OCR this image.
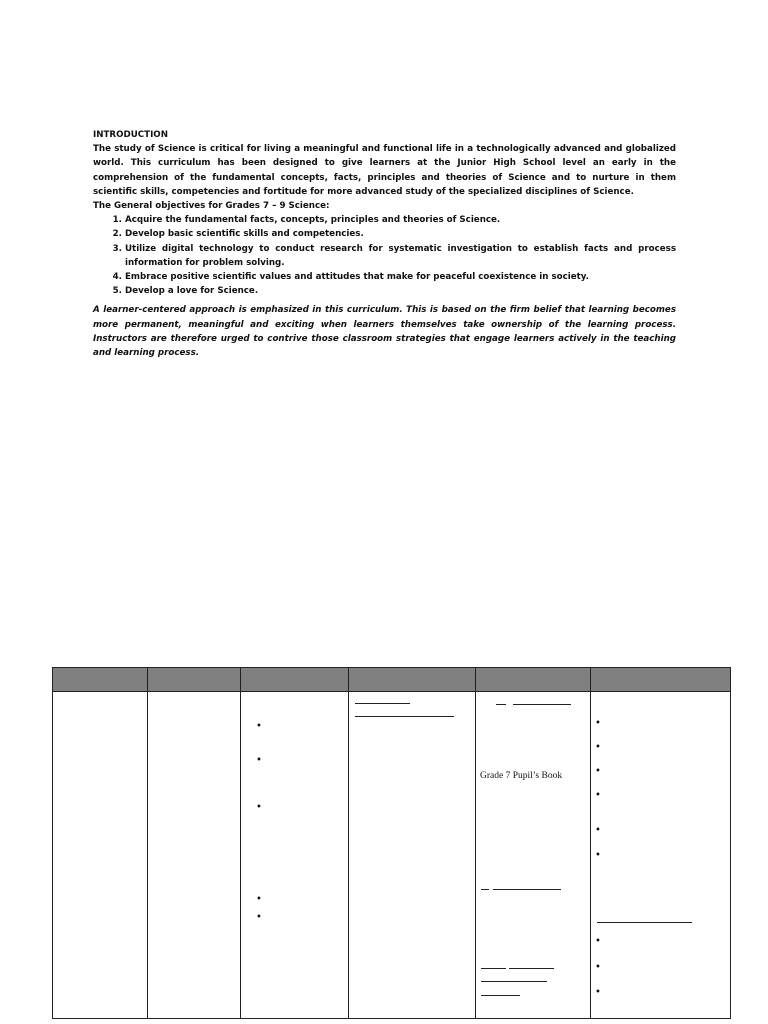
INTRODUCTION

The study of Science is critical for living a meaningful and functional life in a technologically advanced and globalized world. This curriculum has been designed to give learners at the Junior High School level an early in the comprehension of the fundamental concepts, facts, principles and theories of Science and to nurture in them scientific skills, competencies and fortitude for more advanced study of the specialized disciplines of Science.

The General objectives for Grades 7 – 9 Science:

1. Acquire the fundamental facts, concepts, principles and theories of Science.
2. Develop basic scientific skills and competencies.
3. Utilize digital technology to conduct research for systematic investigation to establish facts and process information for problem solving.
4. Embrace positive scientific values and attitudes that make for peaceful coexistence in society.
5. Develop a love for Science.

A learner-centered approach is emphasized in this curriculum. This is based on the firm belief that learning becomes more permanent, meaningful and exciting when learners themselves take ownership of the learning process. Instructors are therefore urged to contrive those classroom strategies that engage learners actively in the teaching and learning process.

•
•
•
•
•
Grade 7 Pupil’s Book
•
•
•
•
•
•
•
•
•
